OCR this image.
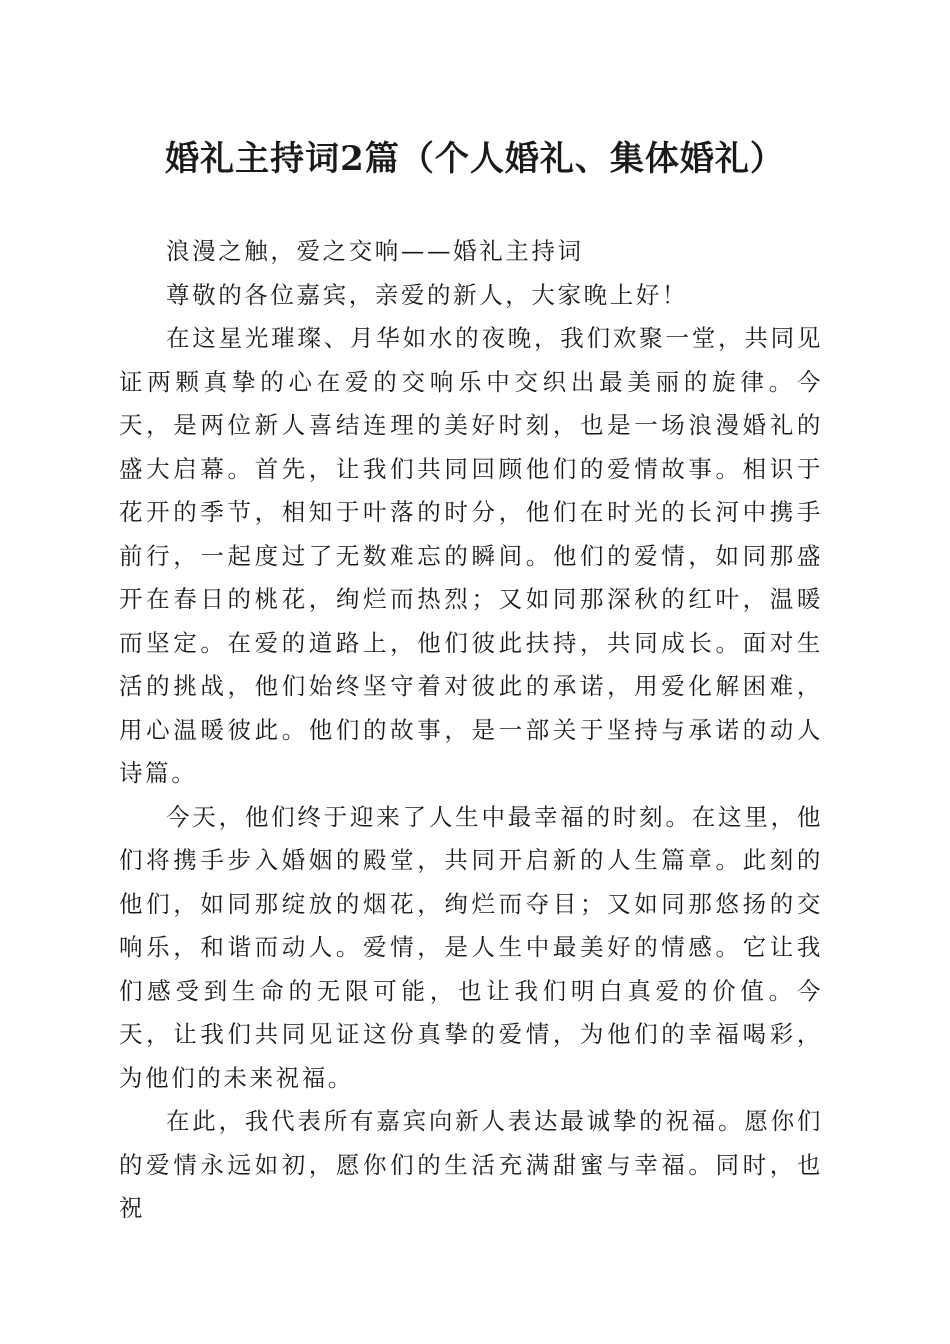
婚礼主持词2篇（个人婚礼、集体婚礼）

浪漫之触，爱之交响——婚礼主持词

尊敬的各位嘉宾，亲爱的新人，大家晚上好！

在这星光璀璨、月华如水的夜晚，我们欢聚一堂，共同见证两颗真挚的心在爱的交响乐中交织出最美丽的旋律。今天，是两位新人喜结连理的美好时刻，也是一场浪漫婚礼的盛大启幕。首先，让我们共同回顾他们的爱情故事。相识于花开的季节，相知于叶落的时分，他们在时光的长河中携手前行，一起度过了无数难忘的瞬间。他们的爱情，如同那盛开在春日的桃花，绚烂而热烈；又如同那深秋的红叶，温暖而坚定。在爱的道路上，他们彼此扶持，共同成长。面对生活的挑战，他们始终坚守着对彼此的承诺，用爱化解困难，用心温暖彼此。他们的故事，是一部关于坚持与承诺的动人诗篇。

今天，他们终于迎来了人生中最幸福的时刻。在这里，他们将携手步入婚姻的殿堂，共同开启新的人生篇章。此刻的他们，如同那绽放的烟花，绚烂而夺目；又如同那悠扬的交响乐，和谐而动人。爱情，是人生中最美好的情感。它让我们感受到生命的无限可能，也让我们明白真爱的价值。今天，让我们共同见证这份真挚的爱情，为他们的幸福喝彩，为他们的未来祝福。

在此，我代表所有嘉宾向新人表达最诚挚的祝福。愿你们的爱情永远如初，愿你们的生活充满甜蜜与幸福。同时，也祝
